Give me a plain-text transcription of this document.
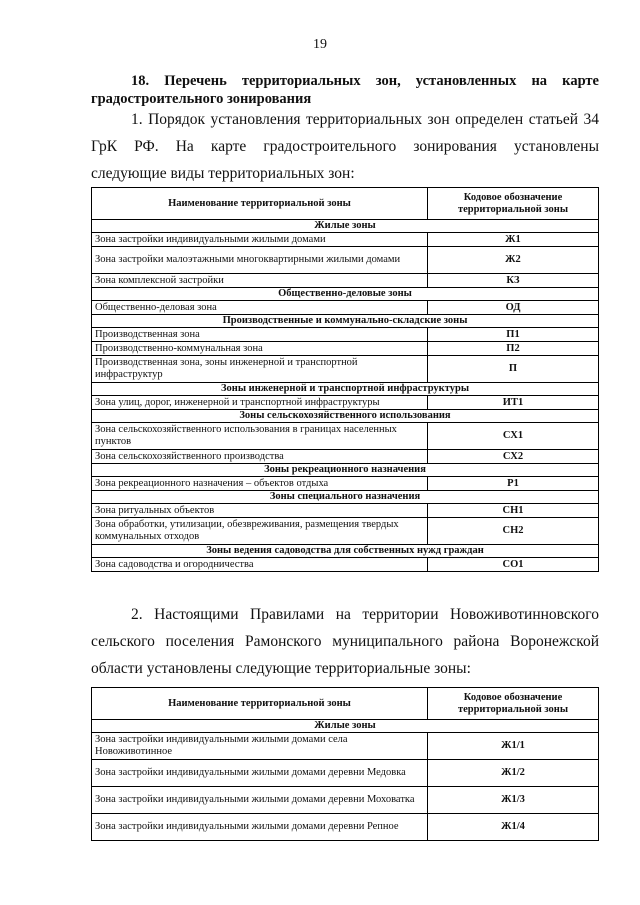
19
18. Перечень территориальных зон, установленных на карте градостроительного зонирования
1. Порядок установления территориальных зон определен статьей 34 ГрК РФ. На карте градостроительного зонирования установлены следующие виды территориальных зон:
Наименование территориальной зоны	Кодовое обозначение территориальной зоны
Жилые зоны	
Зона застройки индивидуальными жилыми домами	Ж1
Зона застройки малоэтажными многоквартирными жилыми домами	Ж2
Зона комплексной застройки	КЗ
Общественно-деловые зоны	
Общественно-деловая зона	ОД
Производственные и коммунально-складские зоны	
Производственная зона	П1
Производственно-коммунальная зона	П2
Производственная зона, зоны инженерной и транспортной инфраструктур	П
Зоны инженерной и транспортной инфраструктуры	
Зона улиц, дорог, инженерной и транспортной инфраструктуры	ИТ1
Зоны сельскохозяйственного использования	
Зона сельскохозяйственного использования в границах населенных пунктов	СХ1
Зона сельскохозяйственного производства	СХ2
Зоны рекреационного назначения	
Зона рекреационного назначения – объектов отдыха	Р1
Зоны специального назначения	
Зона ритуальных объектов	СН1
Зона обработки, утилизации, обезвреживания, размещения твердых коммунальных отходов	СН2
Зоны ведения садоводства для собственных нужд граждан	
Зона садоводства и огородничества	СО1
2. Настоящими Правилами на территории Новоживотинновского сельского поселения Рамонского муниципального района Воронежской области установлены следующие территориальные зоны:
Наименование территориальной зоны	Кодовое обозначение территориальной зоны
Жилые зоны	
Зона застройки индивидуальными жилыми домами села Новоживотинное	Ж1/1
Зона застройки индивидуальными жилыми домами деревни Медовка	Ж1/2
Зона застройки индивидуальными жилыми домами деревни Моховатка	Ж1/3
Зона застройки индивидуальными жилыми домами деревни Репное	Ж1/4
